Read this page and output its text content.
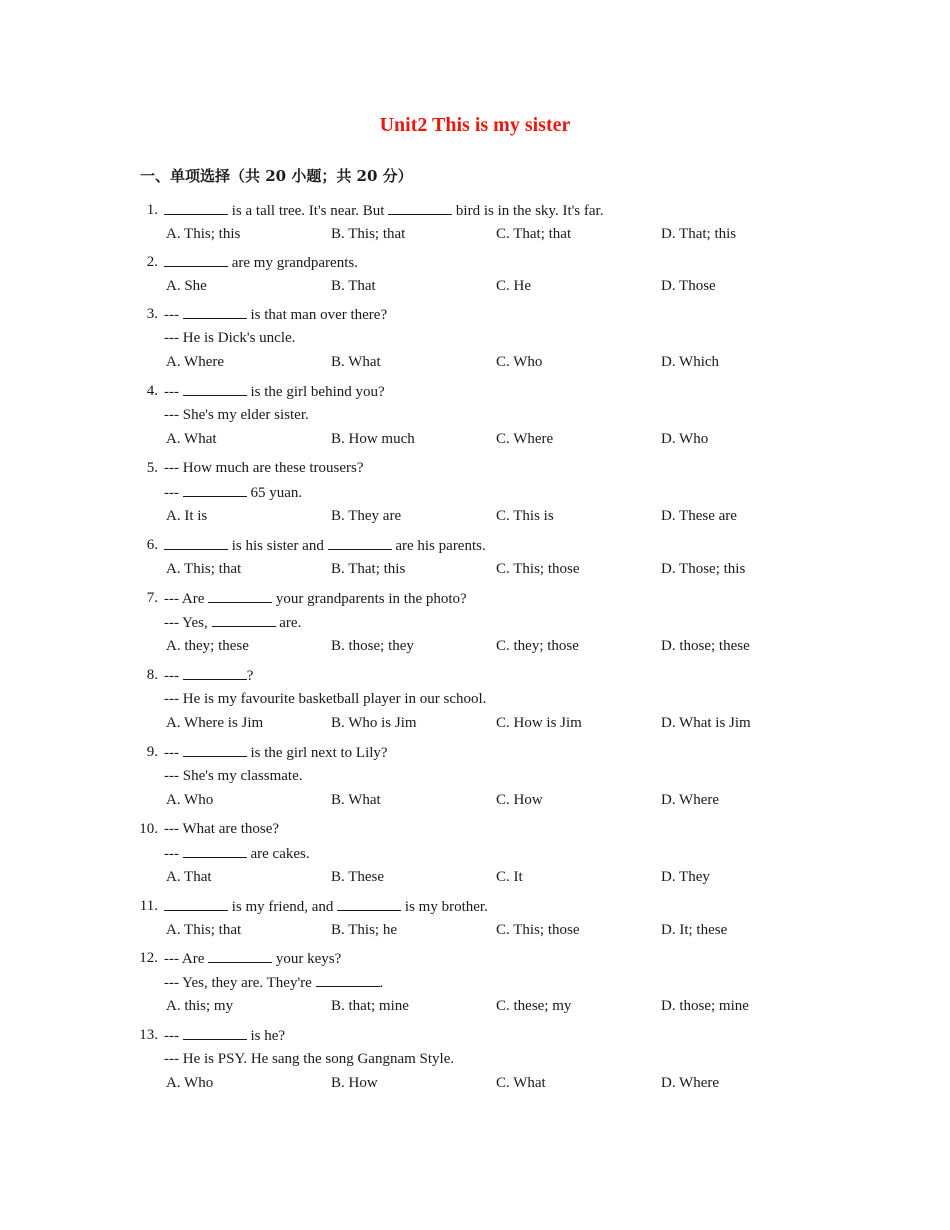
Unit2 This is my sister
一、单项选择（共 20 小题；共 20 分）
1.	is a tall tree. It's near. But	bird is in the sky. It's far.
A. This; this	B. This; that	C. That; that	D. That; this
2.	are my grandparents.
A. She	B. That	C. He	D. Those
3. ---	is that man over there?
--- He is Dick's uncle.
A. Where	B. What	C. Who	D. Which
4. ---	is the girl behind you?
--- She's my elder sister.
A. What	B. How much	C. Where	D. Who
5. --- How much are these trousers?
---	65 yuan.
A. It is	B. They are	C. This is	D. These are
6.	is his sister and	are his parents.
A. This; that	B. That; this	C. This; those	D. Those; this
7. --- Are	your grandparents in the photo?
--- Yes,	are.
A. they; these	B. those; they	C. they; those	D. those; these
8. ---	?
--- He is my favourite basketball player in our school.
A. Where is Jim	B. Who is Jim	C. How is Jim	D. What is Jim
9. ---	is the girl next to Lily?
--- She's my classmate.
A. Who	B. What	C. How	D. Where
10. --- What are those?
---	are cakes.
A. That	B. These	C. It	D. They
11.	is my friend, and	is my brother.
A. This; that	B. This; he	C. This; those	D. It; these
12. --- Are	your keys?
--- Yes, they are. They're	.
A. this; my	B. that; mine	C. these; my	D. those; mine
13. ---	is he?
--- He is PSY. He sang the song Gangnam Style.
A. Who	B. How	C. What	D. Where
